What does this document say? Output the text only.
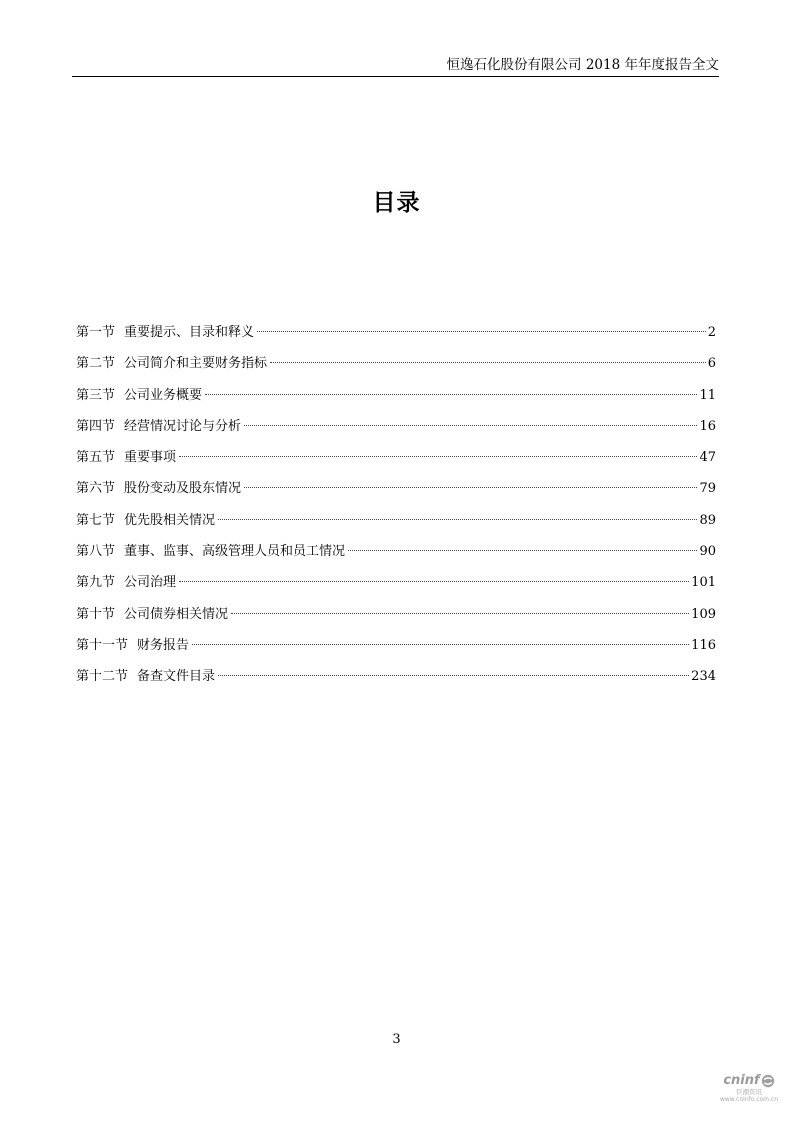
恒逸石化股份有限公司 2018 年年度报告全文
目录
第一节 重要提示、目录和释义	2
第二节 公司简介和主要财务指标	6
第三节 公司业务概要	11
第四节 经营情况讨论与分析	16
第五节 重要事项	47
第六节 股份变动及股东情况	79
第七节 优先股相关情况	89
第八节 董事、监事、高级管理人员和员工情况	90
第九节 公司治理	101
第十节 公司债券相关情况	109
第十一节 财务报告	116
第十二节 备查文件目录	234
3
cninf
巨潮资讯
www.cninfo.com.cn
